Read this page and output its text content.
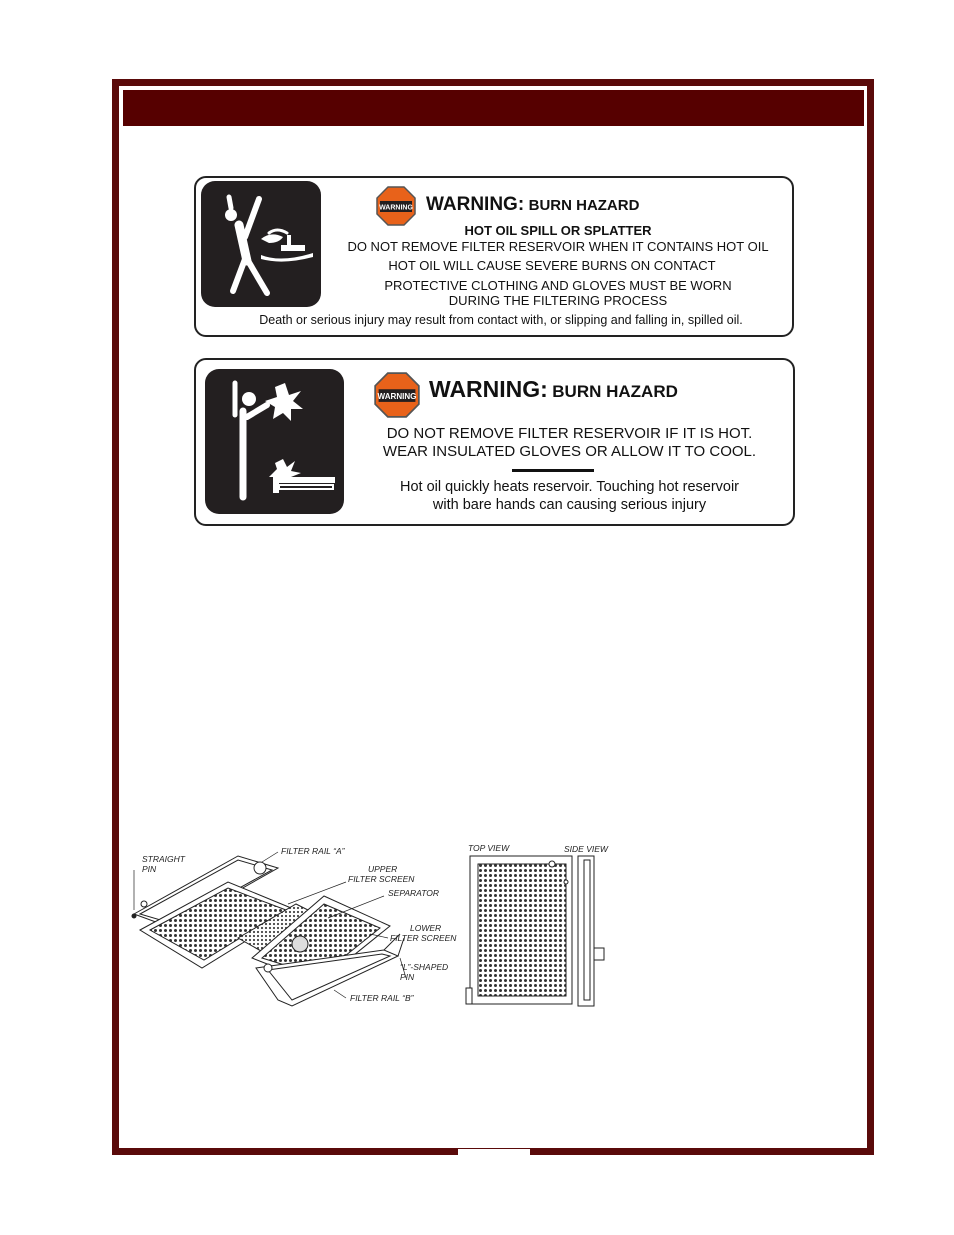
WARNING WARNING: BURN HAZARD
HOT OIL SPILL OR SPLATTER
DO NOT REMOVE FILTER RESERVOIR WHEN IT CONTAINS HOT OIL
HOT OIL WILL CAUSE SEVERE BURNS ON CONTACT
PROTECTIVE CLOTHING AND GLOVES MUST BE WORN
DURING THE FILTERING PROCESS
Death or serious injury may result from contact with, or slipping and falling in, spilled oil.
WARNING WARNING: BURN HAZARD
DO NOT REMOVE FILTER RESERVOIR IF IT IS HOT.
WEAR INSULATED GLOVES OR ALLOW IT TO COOL.
Hot oil quickly heats reservoir. Touching hot reservoir
with bare hands can causing serious injury
STRAIGHT
PIN
FILTER RAIL “A”
UPPER
FILTER SCREEN
SEPARATOR
LOWER
FILTER SCREEN
“L”-SHAPED
PIN
FILTER RAIL “B”
TOP VIEW	SIDE VIEW
